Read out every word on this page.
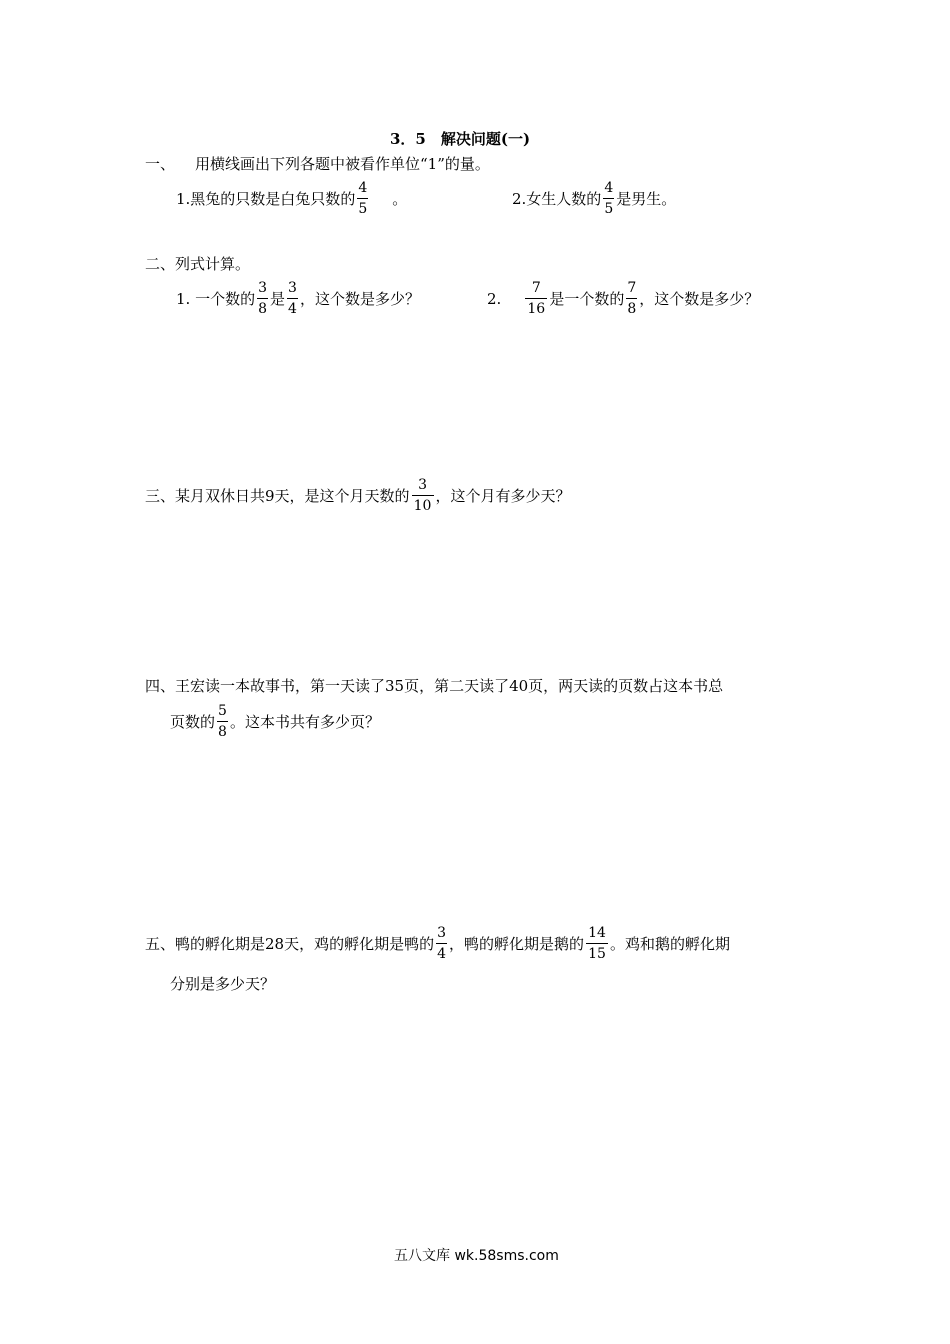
3．5　解决问题(一)
一、 用横线画出下列各题中被看作单位“1”的量。
1.黑兔的只数是白兔只数的 $\frac{4}{5}$ 。	2.女生人数的 $\frac{4}{5}$ 是男生。
二、列式计算。
1. 一个数的 $\frac{3}{8}$ 是 $\frac{3}{4}$ ，这个数是多少？	2. $\frac{7}{16}$ 是一个数的 $\frac{7}{8}$ ，这个数是多少？
三、某月双休日共9天，是这个月天数的 $\frac{3}{10}$ ，这个月有多少天？
四、王宏读一本故事书，第一天读了35页，第二天读了40页，两天读的页数占这本书总
页数的 $\frac{5}{8}$ 。这本书共有多少页？
五、鸭的孵化期是28天，鸡的孵化期是鸭的 $\frac{3}{4}$ ，鸭的孵化期是鹅的 $\frac{14}{15}$ 。鸡和鹅的孵化期
分别是多少天？
五八文库 wk.58sms.com
